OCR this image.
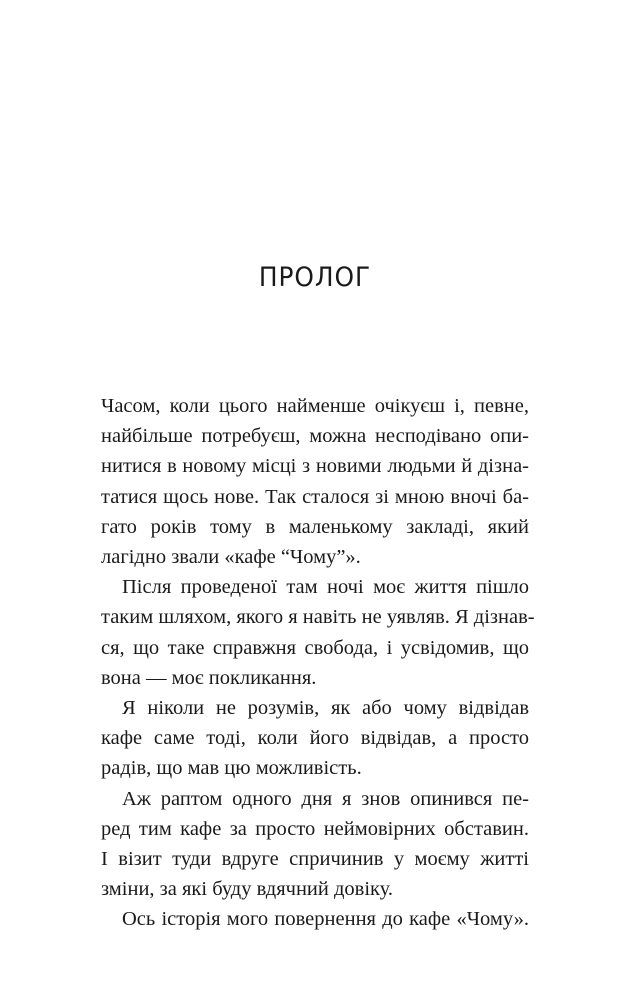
ПРОЛОГ

Часом, коли цього найменше очікуєш і, певне,
найбільше потребуєш, можна несподівано опи-
нитися в новому місці з новими людьми й дізна-
татися щось нове. Так сталося зі мною вночі ба-
гато років тому в маленькому закладі, який
лагідно звали «кафе “Чому”».

Після проведеної там ночі моє життя пішло
таким шляхом, якого я навіть не уявляв. Я дізнав-
ся, що таке справжня свобода, і усвідомив, що
вона — моє покликання.

Я ніколи не розумів, як або чому відвідав
кафе саме тоді, коли його відвідав, а просто
радів, що мав цю можливість.

Аж раптом одного дня я знов опинився пе-
ред тим кафе за просто неймовірних обставин.
І візит туди вдруге спричинив у моєму житті
зміни, за які буду вдячний довіку.

Ось історія мого повернення до кафе «Чому».
